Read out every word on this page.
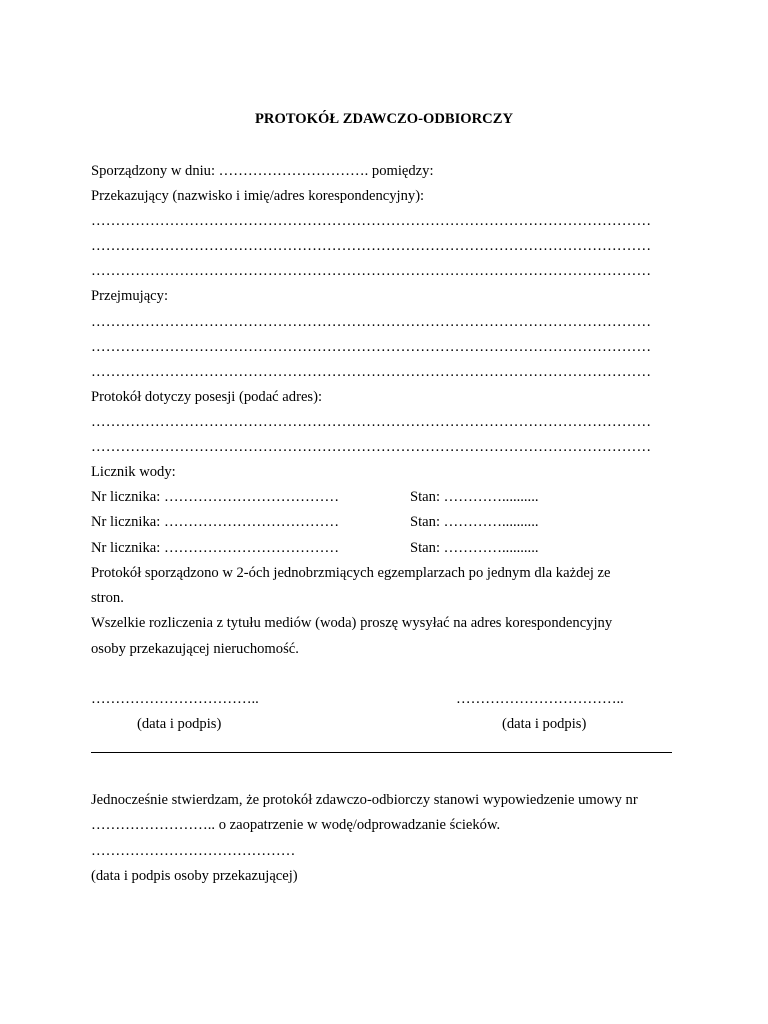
PROTOKÓŁ ZDAWCZO-ODBIORCZY
Sporządzony w dniu: …………………………. pomiędzy:
Przekazujący (nazwisko i imię/adres korespondencyjny):
……………………………………………………………………………………………………
……………………………………………………………………………………………………
……………………………………………………………………………………………………
Przejmujący:
……………………………………………………………………………………………………
……………………………………………………………………………………………………
……………………………………………………………………………………………………
Protokół dotyczy posesji (podać adres):
……………………………………………………………………………………………………
……………………………………………………………………………………………………
Licznik wody:
Nr licznika: ………………………………	Stan: …………..........
Nr licznika: ………………………………	Stan: …………..........
Nr licznika: ………………………………	Stan: …………..........
Protokół sporządzono w 2-óch jednobrzmiących egzemplarzach po jednym dla każdej ze
stron.
Wszelkie rozliczenia z tytułu mediów (woda) proszę wysyłać na adres korespondencyjny
osoby przekazującej nieruchomość.
……………………………..	……………………………..
(data i podpis)	(data i podpis)
Jednocześnie stwierdzam, że protokół zdawczo-odbiorczy stanowi wypowiedzenie umowy nr
…………………….. o zaopatrzenie w wodę/odprowadzanie ścieków.
……………………………………
(data i podpis osoby przekazującej)
